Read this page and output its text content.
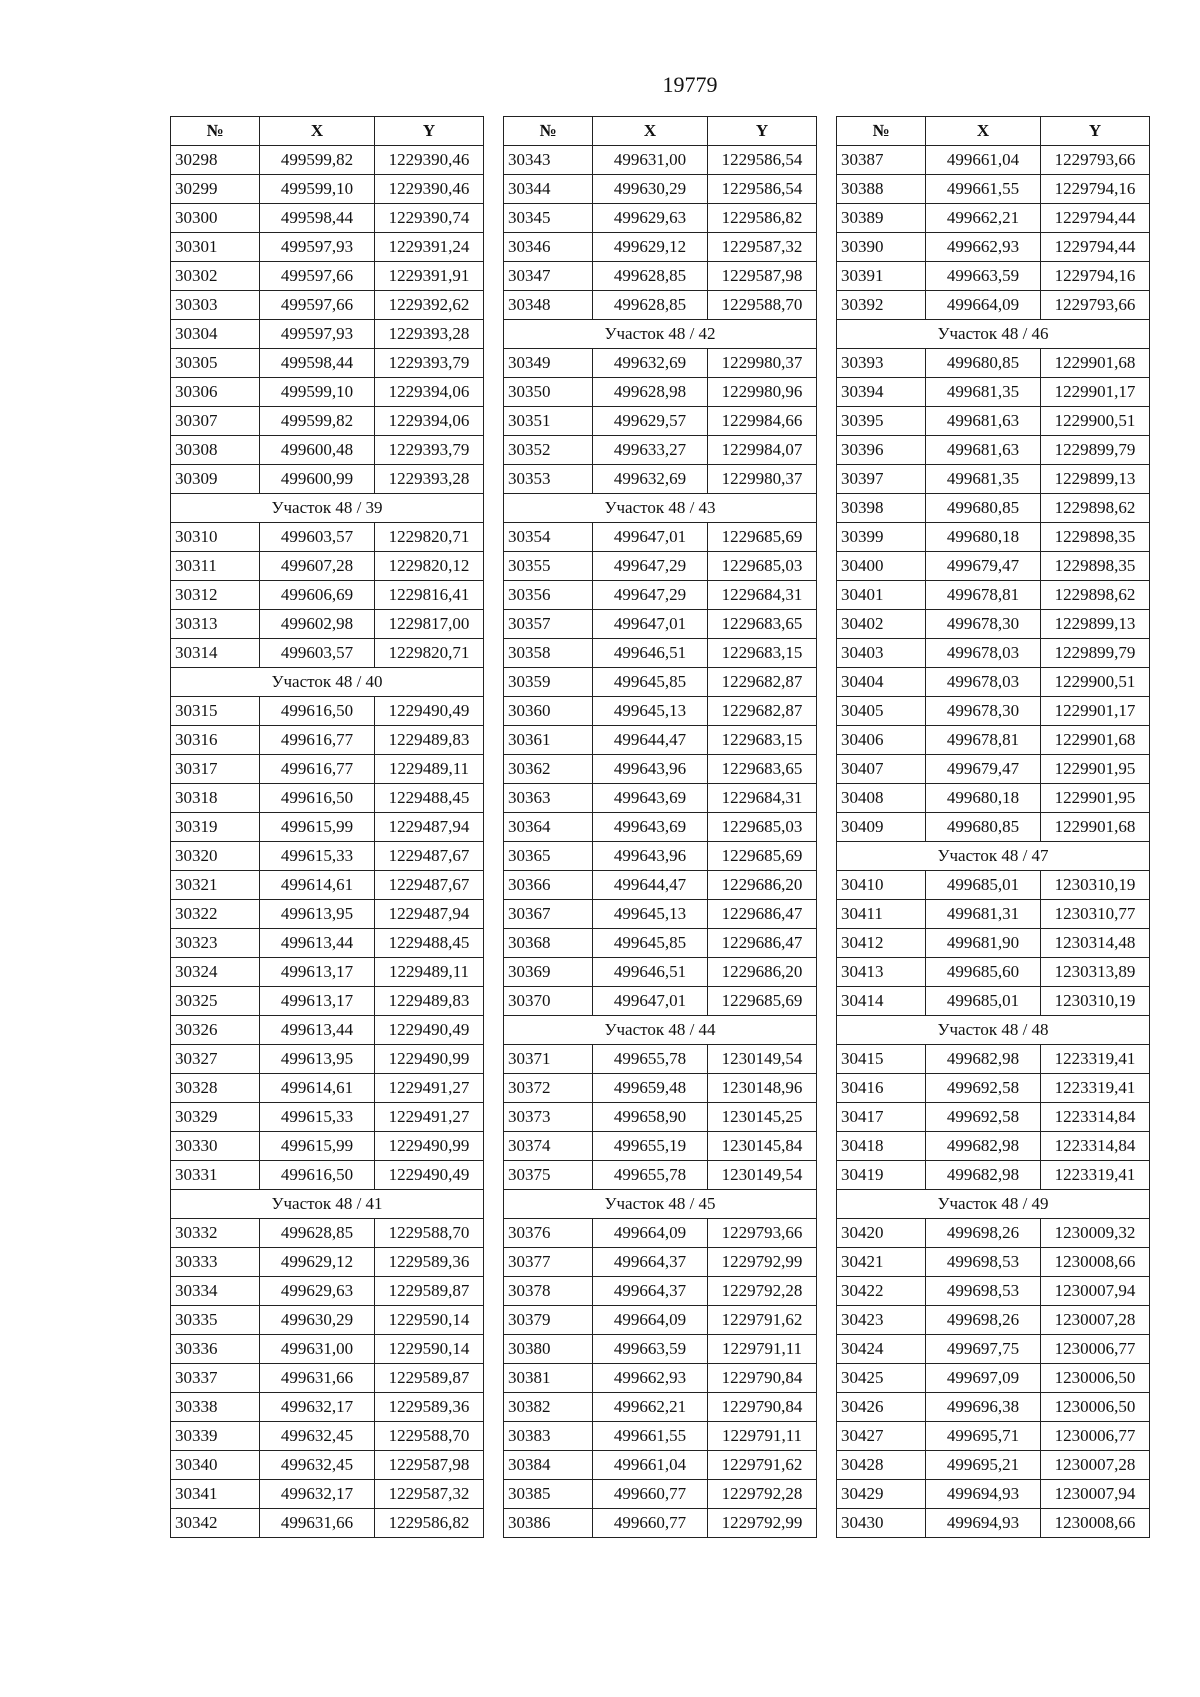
19779
№	X	Y
30298	499599,82	1229390,46
30299	499599,10	1229390,46
30300	499598,44	1229390,74
30301	499597,93	1229391,24
30302	499597,66	1229391,91
30303	499597,66	1229392,62
30304	499597,93	1229393,28
30305	499598,44	1229393,79
30306	499599,10	1229394,06
30307	499599,82	1229394,06
30308	499600,48	1229393,79
30309	499600,99	1229393,28
Участок 48 / 39		
30310	499603,57	1229820,71
30311	499607,28	1229820,12
30312	499606,69	1229816,41
30313	499602,98	1229817,00
30314	499603,57	1229820,71
Участок 48 / 40		
30315	499616,50	1229490,49
30316	499616,77	1229489,83
30317	499616,77	1229489,11
30318	499616,50	1229488,45
30319	499615,99	1229487,94
30320	499615,33	1229487,67
30321	499614,61	1229487,67
30322	499613,95	1229487,94
30323	499613,44	1229488,45
30324	499613,17	1229489,11
30325	499613,17	1229489,83
30326	499613,44	1229490,49
30327	499613,95	1229490,99
30328	499614,61	1229491,27
30329	499615,33	1229491,27
30330	499615,99	1229490,99
30331	499616,50	1229490,49
Участок 48 / 41		
30332	499628,85	1229588,70
30333	499629,12	1229589,36
30334	499629,63	1229589,87
30335	499630,29	1229590,14
30336	499631,00	1229590,14
30337	499631,66	1229589,87
30338	499632,17	1229589,36
30339	499632,45	1229588,70
30340	499632,45	1229587,98
30341	499632,17	1229587,32
30342	499631,66	1229586,82
№	X	Y
30343	499631,00	1229586,54
30344	499630,29	1229586,54
30345	499629,63	1229586,82
30346	499629,12	1229587,32
30347	499628,85	1229587,98
30348	499628,85	1229588,70
Участок 48 / 42		
30349	499632,69	1229980,37
30350	499628,98	1229980,96
30351	499629,57	1229984,66
30352	499633,27	1229984,07
30353	499632,69	1229980,37
Участок 48 / 43		
30354	499647,01	1229685,69
30355	499647,29	1229685,03
30356	499647,29	1229684,31
30357	499647,01	1229683,65
30358	499646,51	1229683,15
30359	499645,85	1229682,87
30360	499645,13	1229682,87
30361	499644,47	1229683,15
30362	499643,96	1229683,65
30363	499643,69	1229684,31
30364	499643,69	1229685,03
30365	499643,96	1229685,69
30366	499644,47	1229686,20
30367	499645,13	1229686,47
30368	499645,85	1229686,47
30369	499646,51	1229686,20
30370	499647,01	1229685,69
Участок 48 / 44		
30371	499655,78	1230149,54
30372	499659,48	1230148,96
30373	499658,90	1230145,25
30374	499655,19	1230145,84
30375	499655,78	1230149,54
Участок 48 / 45		
30376	499664,09	1229793,66
30377	499664,37	1229792,99
30378	499664,37	1229792,28
30379	499664,09	1229791,62
30380	499663,59	1229791,11
30381	499662,93	1229790,84
30382	499662,21	1229790,84
30383	499661,55	1229791,11
30384	499661,04	1229791,62
30385	499660,77	1229792,28
30386	499660,77	1229792,99
№	X	Y
30387	499661,04	1229793,66
30388	499661,55	1229794,16
30389	499662,21	1229794,44
30390	499662,93	1229794,44
30391	499663,59	1229794,16
30392	499664,09	1229793,66
Участок 48 / 46		
30393	499680,85	1229901,68
30394	499681,35	1229901,17
30395	499681,63	1229900,51
30396	499681,63	1229899,79
30397	499681,35	1229899,13
30398	499680,85	1229898,62
30399	499680,18	1229898,35
30400	499679,47	1229898,35
30401	499678,81	1229898,62
30402	499678,30	1229899,13
30403	499678,03	1229899,79
30404	499678,03	1229900,51
30405	499678,30	1229901,17
30406	499678,81	1229901,68
30407	499679,47	1229901,95
30408	499680,18	1229901,95
30409	499680,85	1229901,68
Участок 48 / 47		
30410	499685,01	1230310,19
30411	499681,31	1230310,77
30412	499681,90	1230314,48
30413	499685,60	1230313,89
30414	499685,01	1230310,19
Участок 48 / 48		
30415	499682,98	1223319,41
30416	499692,58	1223319,41
30417	499692,58	1223314,84
30418	499682,98	1223314,84
30419	499682,98	1223319,41
Участок 48 / 49		
30420	499698,26	1230009,32
30421	499698,53	1230008,66
30422	499698,53	1230007,94
30423	499698,26	1230007,28
30424	499697,75	1230006,77
30425	499697,09	1230006,50
30426	499696,38	1230006,50
30427	499695,71	1230006,77
30428	499695,21	1230007,28
30429	499694,93	1230007,94
30430	499694,93	1230008,66
